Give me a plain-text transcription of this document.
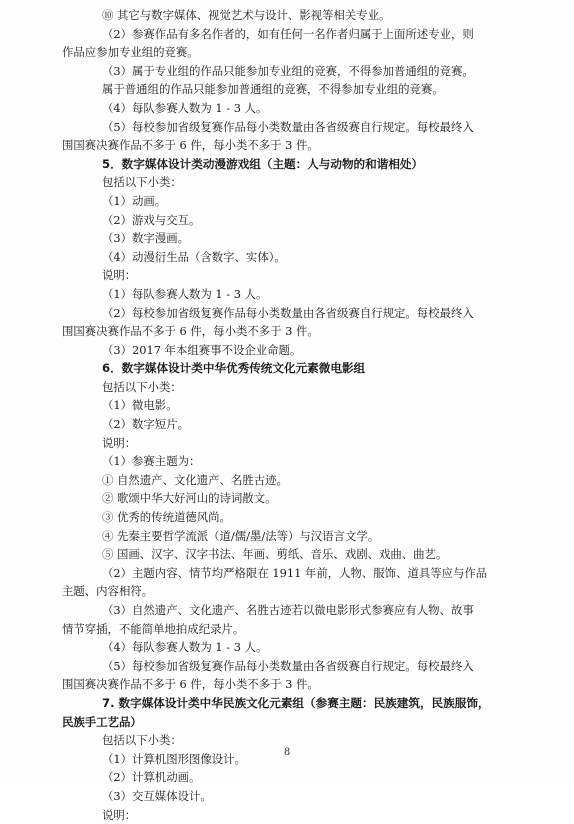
⑩ 其它与数字媒体、视觉艺术与设计、影视等相关专业。
（2）参赛作品有多名作者的，如有任何一名作者归属于上面所述专业，则
作品应参加专业组的竞赛。
（3）属于专业组的作品只能参加专业组的竞赛，不得参加普通组的竞赛。
属于普通组的作品只能参加普通组的竞赛，不得参加专业组的竞赛。
（4）每队参赛人数为 1 - 3 人。
（5）每校参加省级复赛作品每小类数量由各省级赛自行规定。每校最终入
围国赛决赛作品不多于 6 件，每小类不多于 3 件。
5．数字媒体设计类动漫游戏组（主题：人与动物的和谐相处）
包括以下小类：
（1）动画。
（2）游戏与交互。
（3）数字漫画。
（4）动漫衍生品（含数字、实体）。
说明：
（1）每队参赛人数为 1 - 3 人。
（2）每校参加省级复赛作品每小类数量由各省级赛自行规定。每校最终入
围国赛决赛作品不多于 6 件，每小类不多于 3 件。
（3）2017 年本组赛事不设企业命题。
6．数字媒体设计类中华优秀传统文化元素微电影组
包括以下小类：
（1）微电影。
（2）数字短片。
说明：
（1）参赛主题为：
① 自然遗产、文化遗产、名胜古迹。
② 歌颂中华大好河山的诗词散文。
③ 优秀的传统道德风尚。
④ 先秦主要哲学流派（道/儒/墨/法等）与汉语言文学。
⑤ 国画、汉字、汉字书法、年画、剪纸、音乐、戏剧、戏曲、曲艺。
（2）主题内容、情节均严格限在 1911 年前，人物、服饰、道具等应与作品
主题、内容相符。
（3）自然遗产、文化遗产、名胜古迹若以微电影形式参赛应有人物、故事
情节穿插，不能简单地拍成纪录片。
（4）每队参赛人数为 1 - 3 人。
（5）每校参加省级复赛作品每小类数量由各省级赛自行规定。每校最终入
围国赛决赛作品不多于 6 件，每小类不多于 3 件。
7. 数字媒体设计类中华民族文化元素组（参赛主题：民族建筑，民族服饰，
民族手工艺品）
包括以下小类：
（1）计算机图形图像设计。
（2）计算机动画。
（3）交互媒体设计。
说明：
8
